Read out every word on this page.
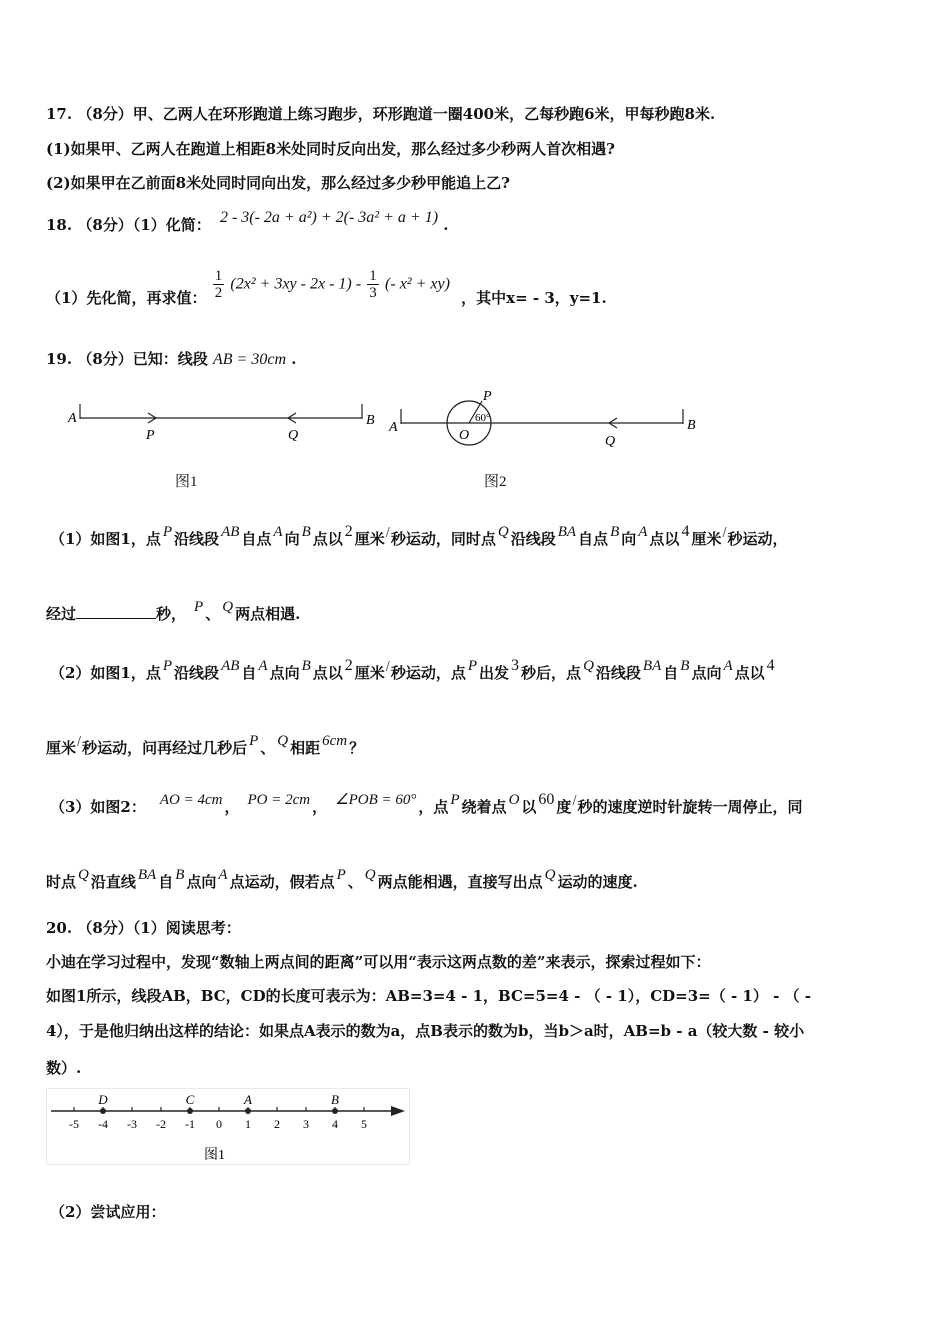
17. （8分）甲、乙两人在环形跑道上练习跑步，环形跑道一圈400米，乙每秒跑6米，甲每秒跑8米.
(1)如果甲、乙两人在跑道上相距8米处同时反向出发，那么经过多少秒两人首次相遇?
(2)如果甲在乙前面8米处同时同向出发，那么经过多少秒甲能追上乙?
18. （8分）（1）化简： 2 - 3(- 2a + a²) + 2(- 3a² + a + 1) .
（1）先化简，再求值： $\frac{1}{2} (2x^2 + 3xy - 2x - 1) - \frac{1}{3}$ (- x² + xy) ，其中x= - 3，y=1.
19. （8分）已知：线段 AB = 30cm .
A	B
P	Q
图1
A	B
P
O
60°
Q
图2
（1）如图1，点 P 沿线段 AB 自点 A 向 B 点以 2 厘米/秒运动，同时点 Q 沿线段 BA 自点 B 向 A 点以 4 厘米/秒运动，
经过	秒， P 、 Q 两点相遇.
（2）如图1，点 P 沿线段 AB 自 A 点向 B 点以 2 厘米/秒运动，点 P 出发 3 秒后，点 Q 沿线段 BA 自 B 点向 A 点以 4
厘米/秒运动，问再经过几秒后 P 、 Q 相距 6cm ？
（3）如图2： AO = 4cm ， PO = 2cm ， ∠POB = 60° ，点 P 绕着点 O 以 60 度/秒的速度逆时针旋转一周停止，同
时点 Q 沿直线 BA 自 B 点向 A 点运动，假若点 P 、 Q 两点能相遇，直接写出点 Q 运动的速度.
20. （8分）（1）阅读思考：
小迪在学习过程中，发现“数轴上两点间的距离”可以用“表示这两点数的差”来表示，探索过程如下：
如图1所示，线段AB，BC，CD的长度可表示为：AB=3=4 - 1，BC=5=4 - （ - 1），CD=3=（ - 1） - （ -
4），于是他归纳出这样的结论：如果点A表示的数为a，点B表示的数为b，当b＞a时，AB=b - a（较大数 - 较小
数）.
-5 -4 -3 -2 -1 0 1 2 3 4 5
D	C	A	B
图1
（2）尝试应用：
